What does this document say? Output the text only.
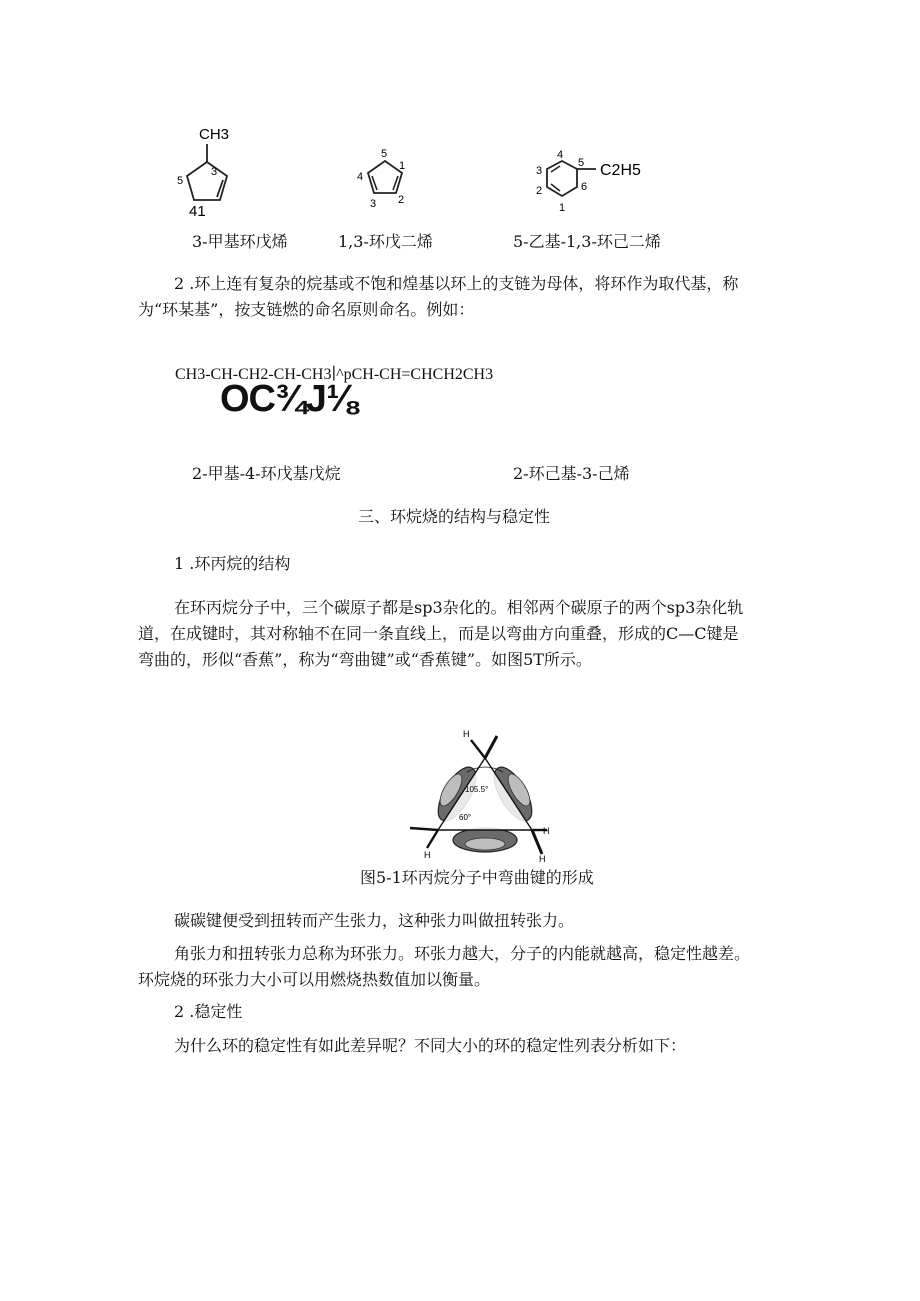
CH3
3
5
41
5
1
4
3 2
3
4
5
2	6
1
C2H5
3-甲基环戊烯	1,3-环戊二烯	5-乙基-1,3-环己二烯
2 .环上连有复杂的烷基或不饱和煌基以环上的支链为母体，将环作为取代基，称
为“环某基”，按支链燃的命名原则命名。例如：
CH3-CH-CH2-CH-CH3∣^pCH-CH=CHCH2CH3
OC¾J⅛
2-甲基-4-环戊基戊烷	2-环己基-3-己烯
三、环烷烧的结构与稳定性
1 .环丙烷的结构
在环丙烷分子中，三个碳原子都是sp3杂化的。相邻两个碳原子的两个sp3杂化轨
道，在成键时，其对称轴不在同一条直线上，而是以弯曲方向重叠，形成的C—C键是
弯曲的，形似“香蕉”，称为“弯曲键”或“香蕉键”。如图5T所示。
H
H
H
H
105.5°
60°
图5-1环丙烷分子中弯曲键的形成
碳碳键便受到扭转而产生张力，这种张力叫做扭转张力。
角张力和扭转张力总称为环张力。环张力越大，分子的内能就越高，稳定性越差。
环烷烧的环张力大小可以用燃烧热数值加以衡量。
2 .稳定性
为什么环的稳定性有如此差异呢？不同大小的环的稳定性列表分析如下：
